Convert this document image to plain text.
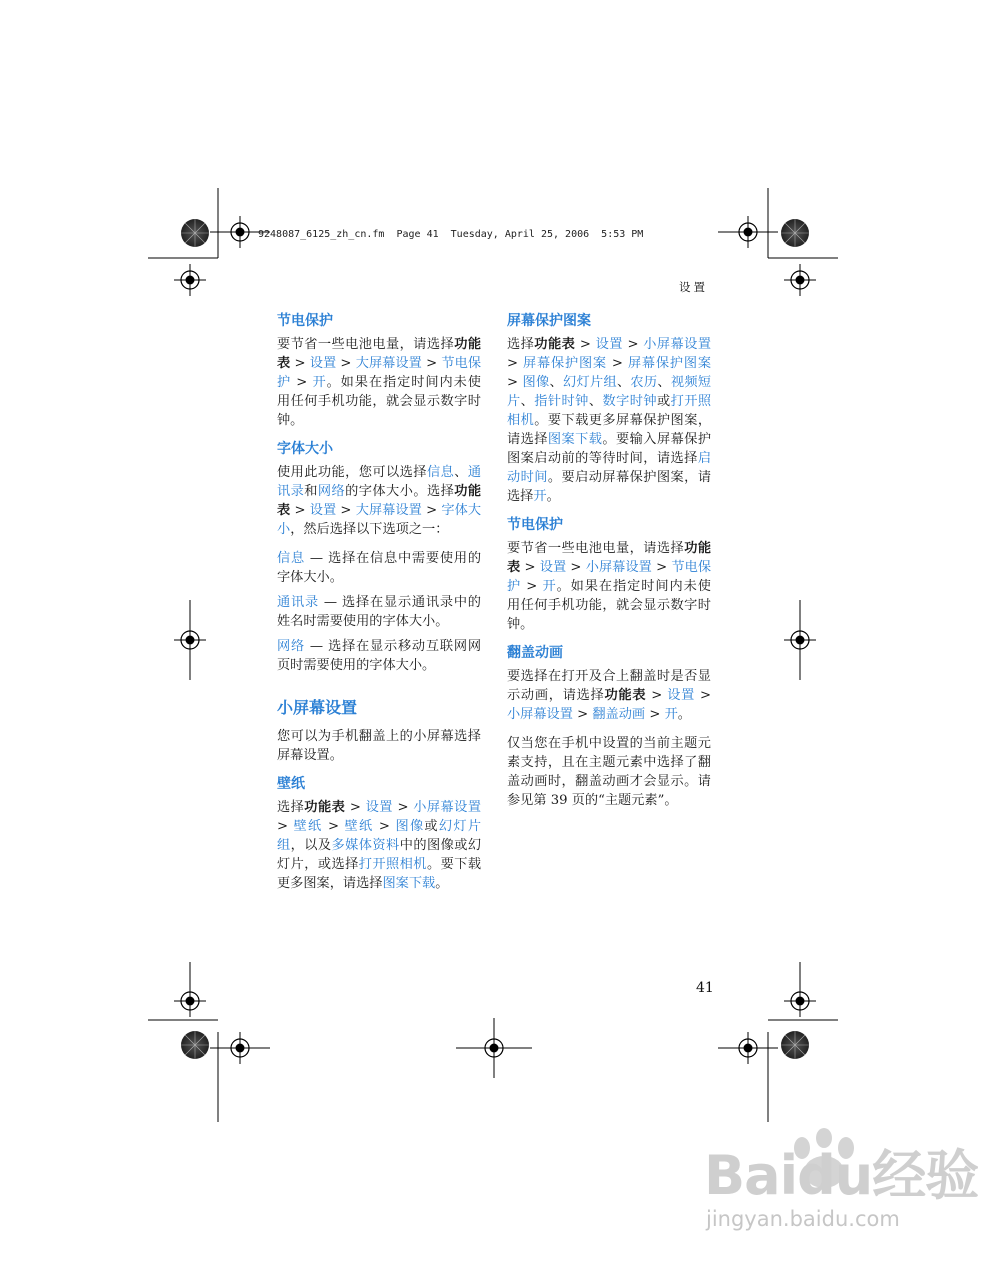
9248087_6125_zh_cn.fm  Page 41  Tuesday, April 25, 2006  5:53 PM
设置
节电保护

要节省一些电池电量，请选择功能表 > 设置 > 大屏幕设置 > 节电保护 > 开。如果在指定时间内未使用任何手机功能，就会显示数字时钟。

字体大小

使用此功能，您可以选择信息、通讯录和网络的字体大小。选择功能表 > 设置 > 大屏幕设置 > 字体大小，然后选择以下选项之一：

信息 — 选择在信息中需要使用的字体大小。

通讯录 — 选择在显示通讯录中的姓名时需要使用的字体大小。

网络 — 选择在显示移动互联网网页时需要使用的字体大小。

小屏幕设置

您可以为手机翻盖上的小屏幕选择屏幕设置。

壁纸

选择功能表 > 设置 > 小屏幕设置 > 壁纸 > 壁纸 > 图像或幻灯片组，以及多媒体资料中的图像或幻灯片，或选择打开照相机。要下载更多图案，请选择图案下载。

屏幕保护图案

选择功能表 > 设置 > 小屏幕设置 > 屏幕保护图案 > 屏幕保护图案 > 图像、幻灯片组、农历、视频短片、指针时钟、数字时钟或打开照相机。要下载更多屏幕保护图案，请选择图案下载。要输入屏幕保护图案启动前的等待时间，请选择启动时间。要启动屏幕保护图案，请选择开。

节电保护

要节省一些电池电量，请选择功能表 > 设置 > 小屏幕设置 > 节电保护 > 开。如果在指定时间内未使用任何手机功能，就会显示数字时钟。

翻盖动画

要选择在打开及合上翻盖时是否显示动画，请选择功能表 > 设置 > 小屏幕设置 > 翻盖动画 > 开。

仅当您在手机中设置的当前主题元素支持，且在主题元素中选择了翻盖动画时，翻盖动画才会显示。请参见第 39 页的“主题元素”。

41
Baidu经验
jingyan.baidu.com
